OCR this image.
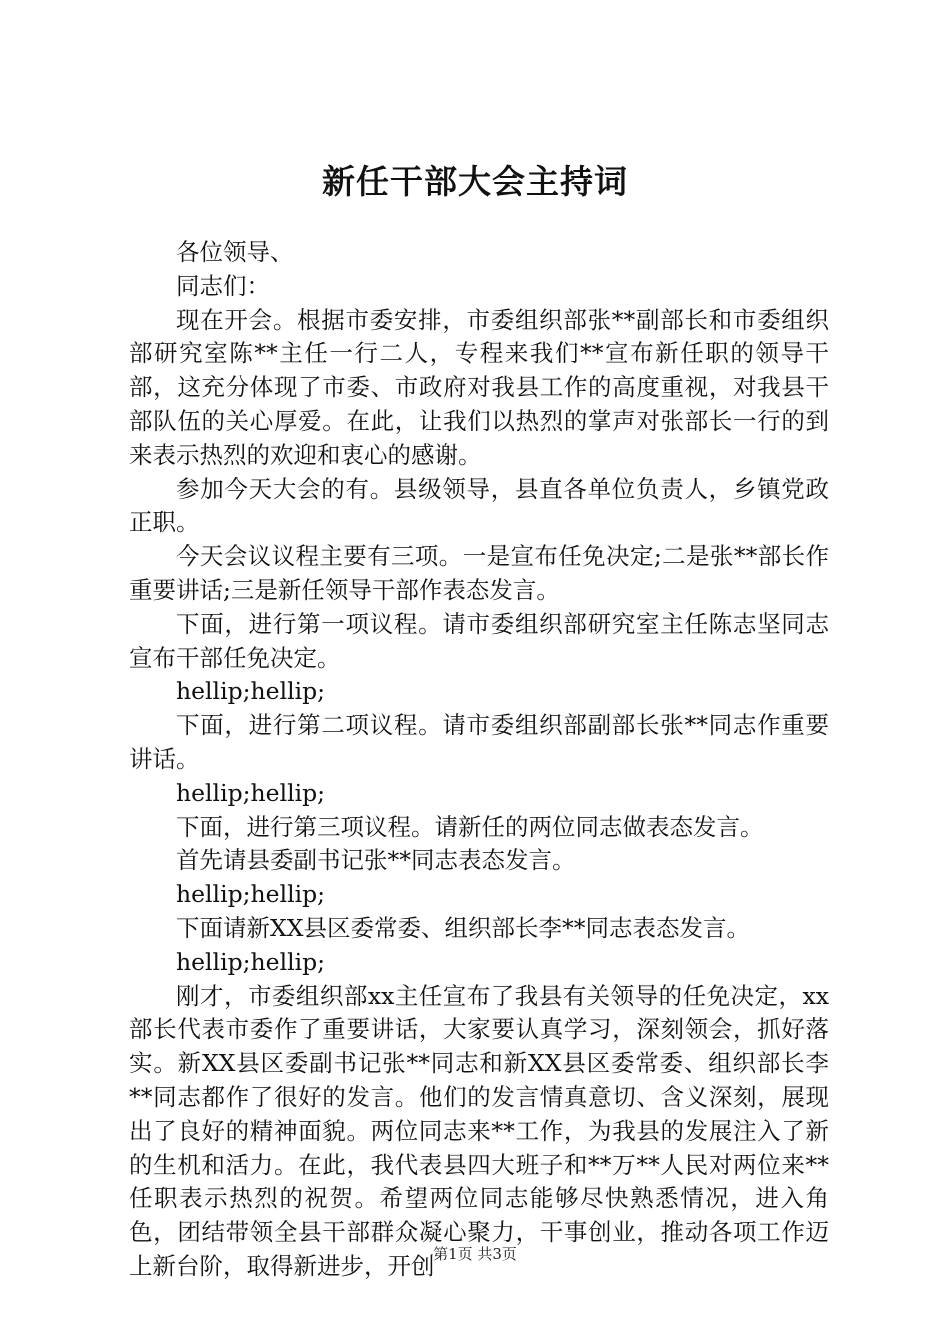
新任干部大会主持词

各位领导、

同志们：

现在开会。根据市委安排，市委组织部张**副部长和市委组织部研究室陈**主任一行二人，专程来我们**宣布新任职的领导干部，这充分体现了市委、市政府对我县工作的高度重视，对我县干部队伍的关心厚爱。在此，让我们以热烈的掌声对张部长一行的到来表示热烈的欢迎和衷心的感谢。

参加今天大会的有。县级领导，县直各单位负责人，乡镇党政正职。

今天会议议程主要有三项。一是宣布任免决定;二是张**部长作重要讲话;三是新任领导干部作表态发言。

下面，进行第一项议程。请市委组织部研究室主任陈志坚同志宣布干部任免决定。

hellip;hellip;

下面，进行第二项议程。请市委组织部副部长张**同志作重要讲话。

hellip;hellip;

下面，进行第三项议程。请新任的两位同志做表态发言。

首先请县委副书记张**同志表态发言。

hellip;hellip;

下面请新XX县区委常委、组织部长李**同志表态发言。

hellip;hellip;

刚才，市委组织部xx主任宣布了我县有关领导的任免决定，xx部长代表市委作了重要讲话，大家要认真学习，深刻领会，抓好落实。新XX县区委副书记张**同志和新XX县区委常委、组织部长李**同志都作了很好的发言。他们的发言情真意切、含义深刻，展现出了良好的精神面貌。两位同志来**工作，为我县的发展注入了新的生机和活力。在此，我代表县四大班子和**万**人民对两位来**任职表示热烈的祝贺。希望两位同志能够尽快熟悉情况，进入角色，团结带领全县干部群众凝心聚力，干事创业，推动各项工作迈上新台阶，取得新进步，开创

第1页 共3页
